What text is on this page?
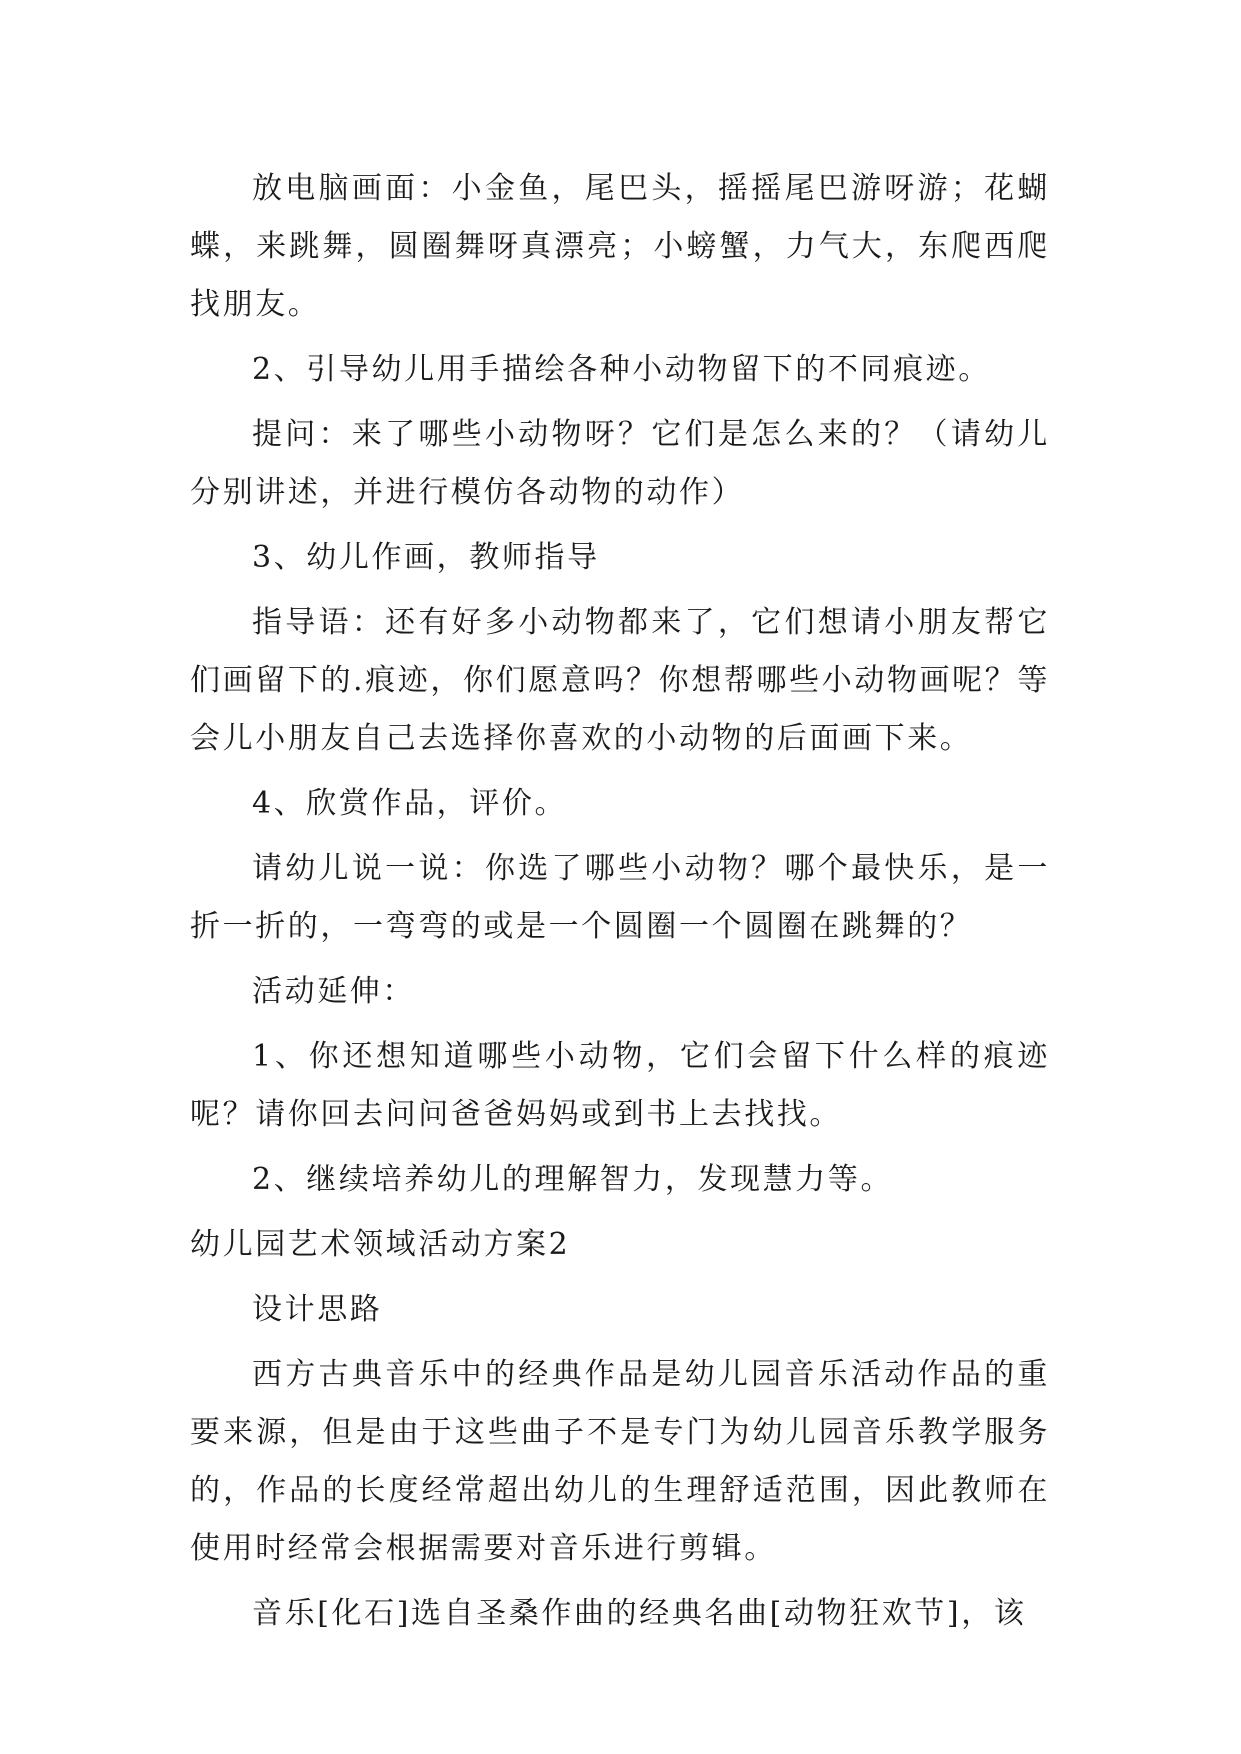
放电脑画面：小金鱼，尾巴头，摇摇尾巴游呀游；花蝴蝶，来跳舞，圆圈舞呀真漂亮；小螃蟹，力气大，东爬西爬找朋友。

2、引导幼儿用手描绘各种小动物留下的不同痕迹。

提问：来了哪些小动物呀？它们是怎么来的？（请幼儿分别讲述，并进行模仿各动物的动作）

3、幼儿作画，教师指导

指导语：还有好多小动物都来了，它们想请小朋友帮它们画留下的.痕迹，你们愿意吗？你想帮哪些小动物画呢？等会儿小朋友自己去选择你喜欢的小动物的后面画下来。

4、欣赏作品，评价。

请幼儿说一说：你选了哪些小动物？哪个最快乐，是一折一折的，一弯弯的或是一个圆圈一个圆圈在跳舞的？

活动延伸：

1、你还想知道哪些小动物，它们会留下什么样的痕迹呢？请你回去问问爸爸妈妈或到书上去找找。

2、继续培养幼儿的理解智力，发现慧力等。

幼儿园艺术领域活动方案2

设计思路

西方古典音乐中的经典作品是幼儿园音乐活动作品的重要来源，但是由于这些曲子不是专门为幼儿园音乐教学服务的，作品的长度经常超出幼儿的生理舒适范围，因此教师在使用时经常会根据需要对音乐进行剪辑。

音乐[化石]选自圣桑作曲的经典名曲[动物狂欢节]，该
